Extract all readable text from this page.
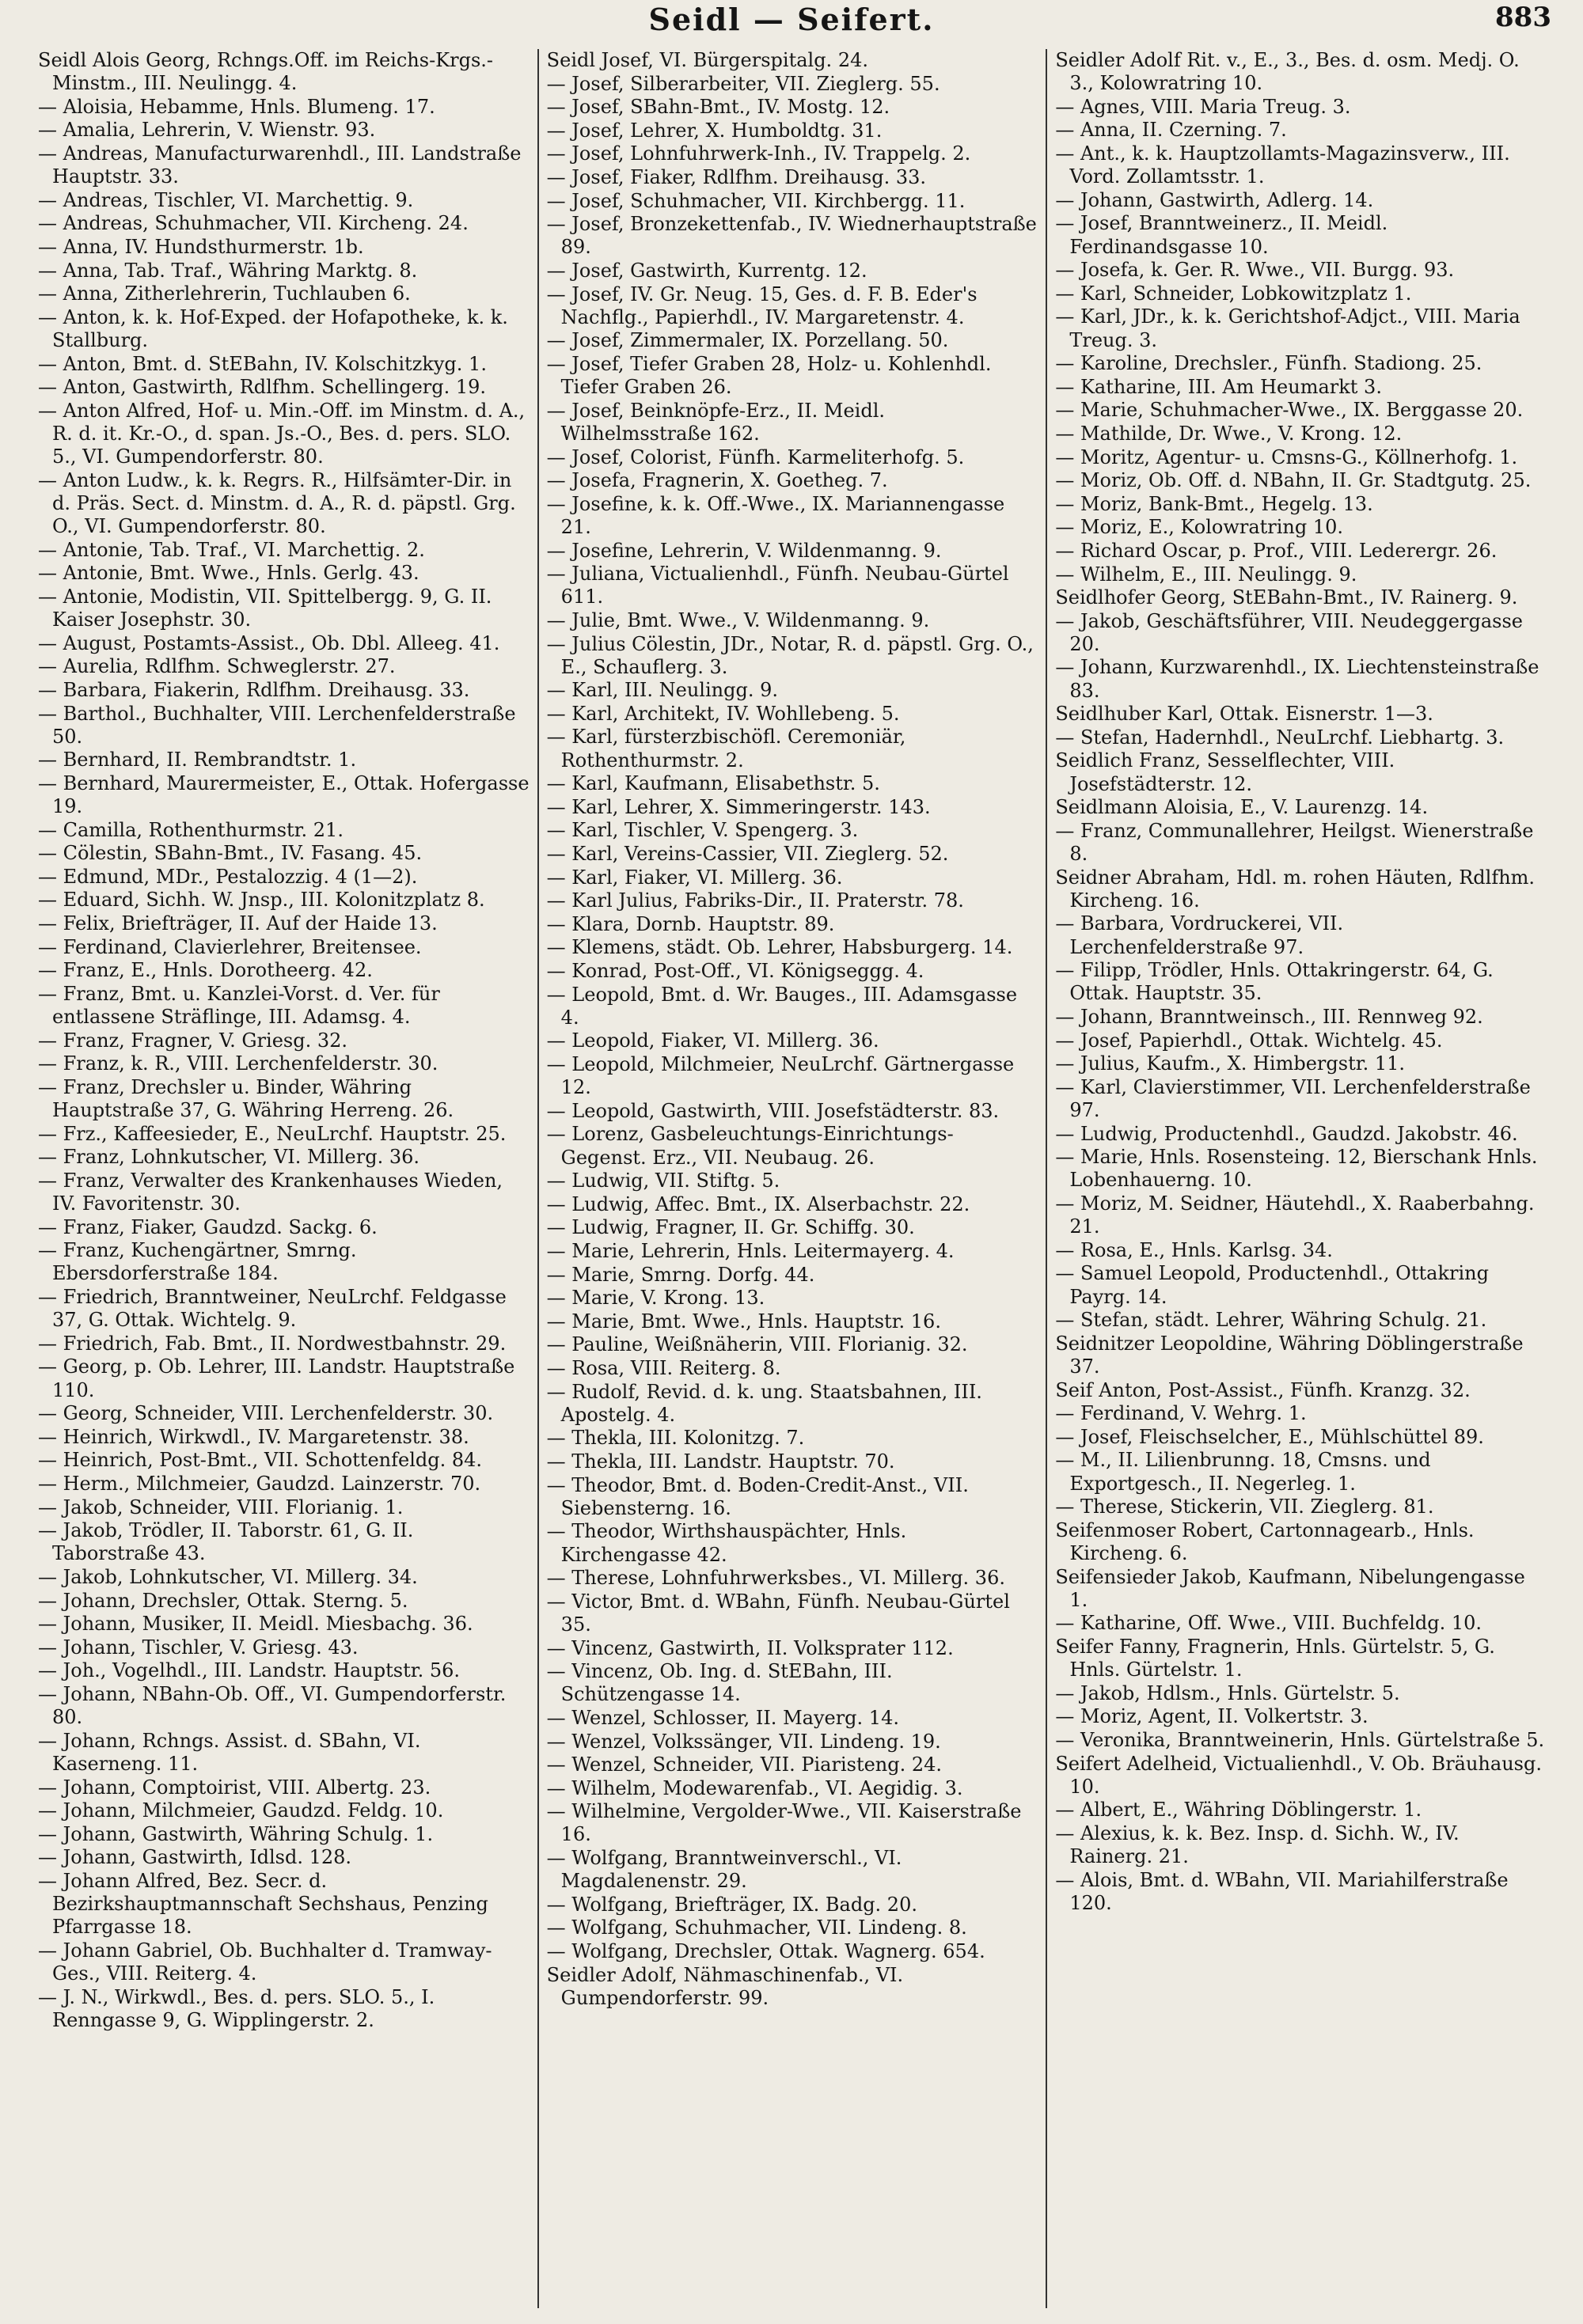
Seidl — Seifert.	883
Seidl Alois Georg, Rchngs.Off. im Reichs-Krgs.-Minstm., III. Neulingg. 4.
— Aloisia, Hebamme, Hnls. Blumeng. 17.
— Amalia, Lehrerin, V. Wienstr. 93.
— Andreas, Manufacturwarenhdl., III. Landstraße Hauptstr. 33.
— Andreas, Tischler, VI. Marchettig. 9.
— Andreas, Schuhmacher, VII. Kircheng. 24.
— Anna, IV. Hundsthurmerstr. 1b.
— Anna, Tab. Traf., Währing Marktg. 8.
— Anna, Zitherlehrerin, Tuchlauben 6.
— Anton, k. k. Hof-Exped. der Hofapotheke, k. k. Stallburg.
— Anton, Bmt. d. StEBahn, IV. Kolschitzkyg. 1.
— Anton, Gastwirth, Rdlfhm. Schellingerg. 19.
— Anton Alfred, Hof- u. Min.-Off. im Minstm. d. A., R. d. it. Kr.-O., d. span. Js.-O., Bes. d. pers. SLO. 5., VI. Gumpendorferstr. 80.
— Anton Ludw., k. k. Regrs. R., Hilfsämter-Dir. in d. Präs. Sect. d. Minstm. d. A., R. d. päpstl. Grg. O., VI. Gumpendorferstr. 80.
— Antonie, Tab. Traf., VI. Marchettig. 2.
— Antonie, Bmt. Wwe., Hnls. Gerlg. 43.
— Antonie, Modistin, VII. Spittelbergg. 9, G. II. Kaiser Josephstr. 30.
— August, Postamts-Assist., Ob. Dbl. Alleeg. 41.
— Aurelia, Rdlfhm. Schweglerstr. 27.
— Barbara, Fiakerin, Rdlfhm. Dreihausg. 33.
— Barthol., Buchhalter, VIII. Lerchenfelderstraße 50.
— Bernhard, II. Rembrandtstr. 1.
— Bernhard, Maurermeister, E., Ottak. Hofergasse 19.
— Camilla, Rothenthurmstr. 21.
— Cölestin, SBahn-Bmt., IV. Fasang. 45.
— Edmund, MDr., Pestalozzig. 4 (1—2).
— Eduard, Sichh. W. Jnsp., III. Kolonitzplatz 8.
— Felix, Briefträger, II. Auf der Haide 13.
— Ferdinand, Clavierlehrer, Breitensee.
— Franz, E., Hnls. Dorotheerg. 42.
— Franz, Bmt. u. Kanzlei-Vorst. d. Ver. für entlassene Sträflinge, III. Adamsg. 4.
— Franz, Fragner, V. Griesg. 32.
— Franz, k. R., VIII. Lerchenfelderstr. 30.
— Franz, Drechsler u. Binder, Währing Hauptstraße 37, G. Währing Herreng. 26.
— Frz., Kaffeesieder, E., NeuLrchf. Hauptstr. 25.
— Franz, Lohnkutscher, VI. Millerg. 36.
— Franz, Verwalter des Krankenhauses Wieden, IV. Favoritenstr. 30.
— Franz, Fiaker, Gaudzd. Sackg. 6.
— Franz, Kuchengärtner, Smrng. Ebersdorferstraße 184.
— Friedrich, Branntweiner, NeuLrchf. Feldgasse 37, G. Ottak. Wichtelg. 9.
— Friedrich, Fab. Bmt., II. Nordwestbahnstr. 29.
— Georg, p. Ob. Lehrer, III. Landstr. Hauptstraße 110.
— Georg, Schneider, VIII. Lerchenfelderstr. 30.
— Heinrich, Wirkwdl., IV. Margaretenstr. 38.
— Heinrich, Post-Bmt., VII. Schottenfeldg. 84.
— Herm., Milchmeier, Gaudzd. Lainzerstr. 70.
— Jakob, Schneider, VIII. Florianig. 1.
— Jakob, Trödler, II. Taborstr. 61, G. II. Taborstraße 43.
— Jakob, Lohnkutscher, VI. Millerg. 34.
— Johann, Drechsler, Ottak. Sterng. 5.
— Johann, Musiker, II. Meidl. Miesbachg. 36.
— Johann, Tischler, V. Griesg. 43.
— Joh., Vogelhdl., III. Landstr. Hauptstr. 56.
— Johann, NBahn-Ob. Off., VI. Gumpendorferstr. 80.
— Johann, Rchngs. Assist. d. SBahn, VI. Kaserneng. 11.
— Johann, Comptoirist, VIII. Albertg. 23.
— Johann, Milchmeier, Gaudzd. Feldg. 10.
— Johann, Gastwirth, Währing Schulg. 1.
— Johann, Gastwirth, Idlsd. 128.
— Johann Alfred, Bez. Secr. d. Bezirkshauptmannschaft Sechshaus, Penzing Pfarrgasse 18.
— Johann Gabriel, Ob. Buchhalter d. Tramway-Ges., VIII. Reiterg. 4.
— J. N., Wirkwdl., Bes. d. pers. SLO. 5., I. Renngasse 9, G. Wipplingerstr. 2.
Seidl Josef, VI. Bürgerspitalg. 24.
— Josef, Silberarbeiter, VII. Zieglerg. 55.
— Josef, SBahn-Bmt., IV. Mostg. 12.
— Josef, Lehrer, X. Humboldtg. 31.
— Josef, Lohnfuhrwerk-Inh., IV. Trappelg. 2.
— Josef, Fiaker, Rdlfhm. Dreihausg. 33.
— Josef, Schuhmacher, VII. Kirchbergg. 11.
— Josef, Bronzekettenfab., IV. Wiednerhauptstraße 89.
— Josef, Gastwirth, Kurrentg. 12.
— Josef, IV. Gr. Neug. 15, Ges. d. F. B. Eder's Nachflg., Papierhdl., IV. Margaretenstr. 4.
— Josef, Zimmermaler, IX. Porzellang. 50.
— Josef, Tiefer Graben 28, Holz- u. Kohlenhdl. Tiefer Graben 26.
— Josef, Beinknöpfe-Erz., II. Meidl. Wilhelmsstraße 162.
— Josef, Colorist, Fünfh. Karmeliterhofg. 5.
— Josefa, Fragnerin, X. Goetheg. 7.
— Josefine, k. k. Off.-Wwe., IX. Mariannengasse 21.
— Josefine, Lehrerin, V. Wildenmanng. 9.
— Juliana, Victualienhdl., Fünfh. Neubau-Gürtel 611.
— Julie, Bmt. Wwe., V. Wildenmanng. 9.
— Julius Cölestin, JDr., Notar, R. d. päpstl. Grg. O., E., Schauflerg. 3.
— Karl, III. Neulingg. 9.
— Karl, Architekt, IV. Wohllebeng. 5.
— Karl, fürsterzbischöfl. Ceremoniär, Rothenthurmstr. 2.
— Karl, Kaufmann, Elisabethstr. 5.
— Karl, Lehrer, X. Simmeringerstr. 143.
— Karl, Tischler, V. Spengerg. 3.
— Karl, Vereins-Cassier, VII. Zieglerg. 52.
— Karl, Fiaker, VI. Millerg. 36.
— Karl Julius, Fabriks-Dir., II. Praterstr. 78.
— Klara, Dornb. Hauptstr. 89.
— Klemens, städt. Ob. Lehrer, Habsburgerg. 14.
— Konrad, Post-Off., VI. Königseggg. 4.
— Leopold, Bmt. d. Wr. Bauges., III. Adamsgasse 4.
— Leopold, Fiaker, VI. Millerg. 36.
— Leopold, Milchmeier, NeuLrchf. Gärtnergasse 12.
— Leopold, Gastwirth, VIII. Josefstädterstr. 83.
— Lorenz, Gasbeleuchtungs-Einrichtungs-Gegenst. Erz., VII. Neubaug. 26.
— Ludwig, VII. Stiftg. 5.
— Ludwig, Affec. Bmt., IX. Alserbachstr. 22.
— Ludwig, Fragner, II. Gr. Schiffg. 30.
— Marie, Lehrerin, Hnls. Leitermayerg. 4.
— Marie, Smrng. Dorfg. 44.
— Marie, V. Krong. 13.
— Marie, Bmt. Wwe., Hnls. Hauptstr. 16.
— Pauline, Weißnäherin, VIII. Florianig. 32.
— Rosa, VIII. Reiterg. 8.
— Rudolf, Revid. d. k. ung. Staatsbahnen, III. Apostelg. 4.
— Thekla, III. Kolonitzg. 7.
— Thekla, III. Landstr. Hauptstr. 70.
— Theodor, Bmt. d. Boden-Credit-Anst., VII. Siebensterng. 16.
— Theodor, Wirthshauspächter, Hnls. Kirchengasse 42.
— Therese, Lohnfuhrwerksbes., VI. Millerg. 36.
— Victor, Bmt. d. WBahn, Fünfh. Neubau-Gürtel 35.
— Vincenz, Gastwirth, II. Volksprater 112.
— Vincenz, Ob. Ing. d. StEBahn, III. Schützengasse 14.
— Wenzel, Schlosser, II. Mayerg. 14.
— Wenzel, Volkssänger, VII. Lindeng. 19.
— Wenzel, Schneider, VII. Piaristeng. 24.
— Wilhelm, Modewarenfab., VI. Aegidig. 3.
— Wilhelmine, Vergolder-Wwe., VII. Kaiserstraße 16.
— Wolfgang, Branntweinverschl., VI. Magdalenenstr. 29.
— Wolfgang, Briefträger, IX. Badg. 20.
— Wolfgang, Schuhmacher, VII. Lindeng. 8.
— Wolfgang, Drechsler, Ottak. Wagnerg. 654.
Seidler Adolf, Nähmaschinenfab., VI. Gumpendorferstr. 99.
Seidler Adolf Rit. v., E., 3., Bes. d. osm. Medj. O. 3., Kolowratring 10.
— Agnes, VIII. Maria Treug. 3.
— Anna, II. Czerning. 7.
— Ant., k. k. Hauptzollamts-Magazinsverw., III. Vord. Zollamtsstr. 1.
— Johann, Gastwirth, Adlerg. 14.
— Josef, Branntweinerz., II. Meidl. Ferdinandsgasse 10.
— Josefa, k. Ger. R. Wwe., VII. Burgg. 93.
— Karl, Schneider, Lobkowitzplatz 1.
— Karl, JDr., k. k. Gerichtshof-Adjct., VIII. Maria Treug. 3.
— Karoline, Drechsler., Fünfh. Stadiong. 25.
— Katharine, III. Am Heumarkt 3.
— Marie, Schuhmacher-Wwe., IX. Berggasse 20.
— Mathilde, Dr. Wwe., V. Krong. 12.
— Moritz, Agentur- u. Cmsns-G., Köllnerhofg. 1.
— Moriz, Ob. Off. d. NBahn, II. Gr. Stadtgutg. 25.
— Moriz, Bank-Bmt., Hegelg. 13.
— Moriz, E., Kolowratring 10.
— Richard Oscar, p. Prof., VIII. Lederergr. 26.
— Wilhelm, E., III. Neulingg. 9.
Seidlhofer Georg, StEBahn-Bmt., IV. Rainerg. 9.
— Jakob, Geschäftsführer, VIII. Neudeggergasse 20.
— Johann, Kurzwarenhdl., IX. Liechtensteinstraße 83.
Seidlhuber Karl, Ottak. Eisnerstr. 1—3.
— Stefan, Hadernhdl., NeuLrchf. Liebhartg. 3.
Seidlich Franz, Sesselflechter, VIII. Josefstädterstr. 12.
Seidlmann Aloisia, E., V. Laurenzg. 14.
— Franz, Communallehrer, Heilgst. Wienerstraße 8.
Seidner Abraham, Hdl. m. rohen Häuten, Rdlfhm. Kircheng. 16.
— Barbara, Vordruckerei, VII. Lerchenfelderstraße 97.
— Filipp, Trödler, Hnls. Ottakringerstr. 64, G. Ottak. Hauptstr. 35.
— Johann, Branntweinsch., III. Rennweg 92.
— Josef, Papierhdl., Ottak. Wichtelg. 45.
— Julius, Kaufm., X. Himbergstr. 11.
— Karl, Clavierstimmer, VII. Lerchenfelderstraße 97.
— Ludwig, Productenhdl., Gaudzd. Jakobstr. 46.
— Marie, Hnls. Rosensteing. 12, Bierschank Hnls. Lobenhauerng. 10.
— Moriz, M. Seidner, Häutehdl., X. Raaberbahng. 21.
— Rosa, E., Hnls. Karlsg. 34.
— Samuel Leopold, Productenhdl., Ottakring Payrg. 14.
— Stefan, städt. Lehrer, Währing Schulg. 21.
Seidnitzer Leopoldine, Währing Döblingerstraße 37.
Seif Anton, Post-Assist., Fünfh. Kranzg. 32.
— Ferdinand, V. Wehrg. 1.
— Josef, Fleischselcher, E., Mühlschüttel 89.
— M., II. Lilienbrunng. 18, Cmsns. und Exportgesch., II. Negerleg. 1.
— Therese, Stickerin, VII. Zieglerg. 81.
Seifenmoser Robert, Cartonnagearb., Hnls. Kircheng. 6.
Seifensieder Jakob, Kaufmann, Nibelungengasse 1.
— Katharine, Off. Wwe., VIII. Buchfeldg. 10.
Seifer Fanny, Fragnerin, Hnls. Gürtelstr. 5, G. Hnls. Gürtelstr. 1.
— Jakob, Hdlsm., Hnls. Gürtelstr. 5.
— Moriz, Agent, II. Volkertstr. 3.
— Veronika, Branntweinerin, Hnls. Gürtelstraße 5.
Seifert Adelheid, Victualienhdl., V. Ob. Bräuhausg. 10.
— Albert, E., Währing Döblingerstr. 1.
— Alexius, k. k. Bez. Insp. d. Sichh. W., IV. Rainerg. 21.
— Alois, Bmt. d. WBahn, VII. Mariahilferstraße 120.
